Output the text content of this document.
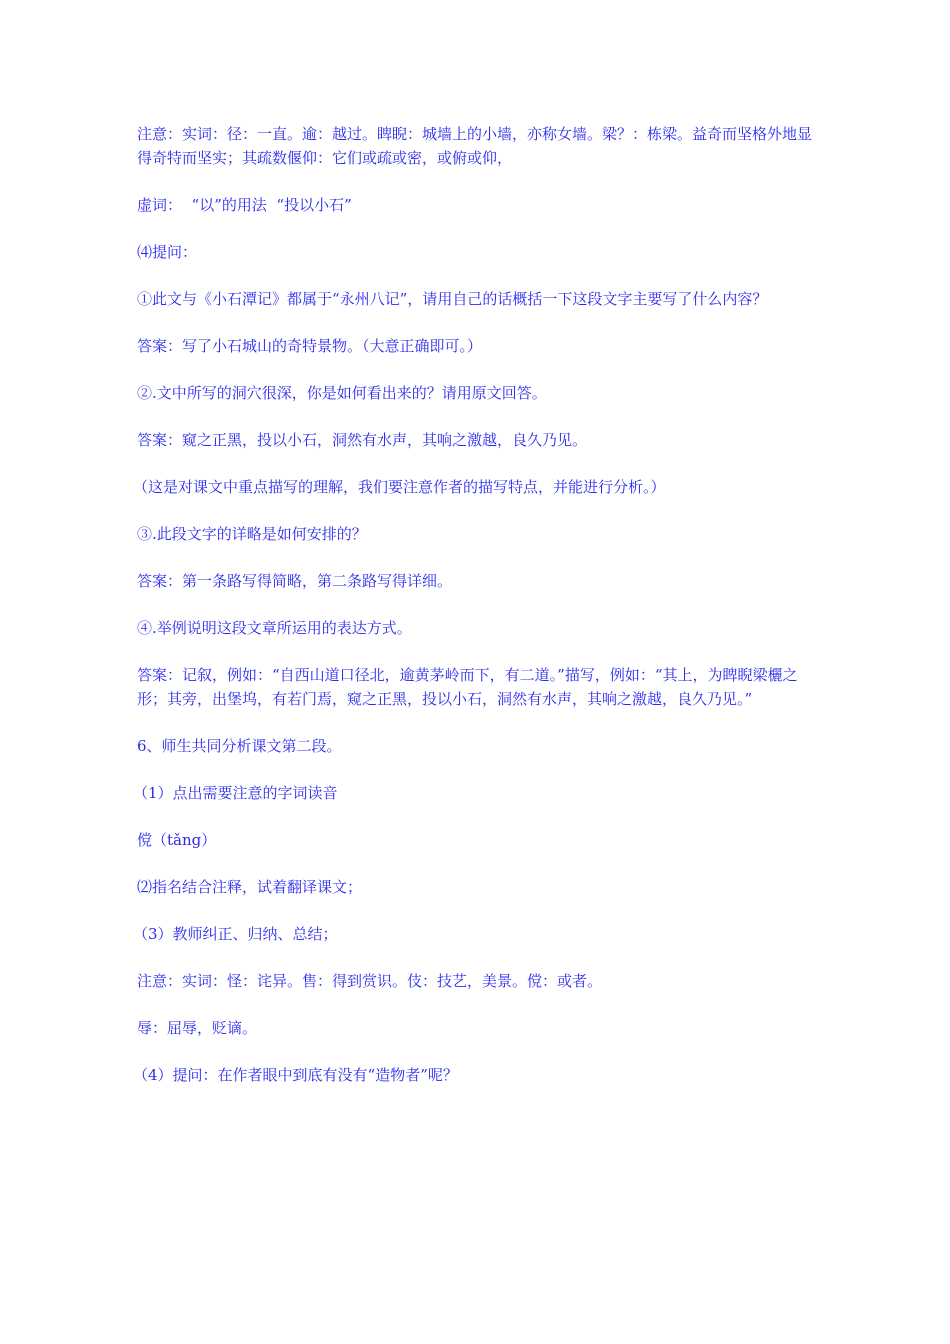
注意：实词：径：一直。逾：越过。睥睨：城墙上的小墙，亦称女墙。梁？：栋梁。益奇而坚格外地显得奇特而坚实；其疏数偃仰：它们或疏或密，或俯或仰，

虚词：  “以”的用法  “投以小石”

⑷提问：

①此文与《小石潭记》都属于“永州八记”，请用自己的话概括一下这段文字主要写了什么内容？

答案：写了小石城山的奇特景物。（大意正确即可。）

②.文中所写的洞穴很深，你是如何看出来的？请用原文回答。

答案：窥之正黑，投以小石，洞然有水声，其响之激越，良久乃见。

（这是对课文中重点描写的理解，我们要注意作者的描写特点，并能进行分析。）

③.此段文字的详略是如何安排的？

答案：第一条路写得简略，第二条路写得详细。

④.举例说明这段文章所运用的表达方式。

答案：记叙，例如：“自西山道口径北，逾黄茅岭而下，有二道。”描写，例如：“其上，为睥睨梁欐之形；其旁，出堡坞，有若门焉，窥之正黑，投以小石，洞然有水声，其响之激越，良久乃见。”

6、师生共同分析课文第二段。

（1）点出需要注意的字词读音

傥（tǎng）

⑵指名结合注释，试着翻译课文；

（3）教师纠正、归纳、总结；

注意：实词：怪：诧异。售：得到赏识。伎：技艺，美景。傥：或者。

辱：屈辱，贬谪。

（4）提问：在作者眼中到底有没有“造物者”呢？
